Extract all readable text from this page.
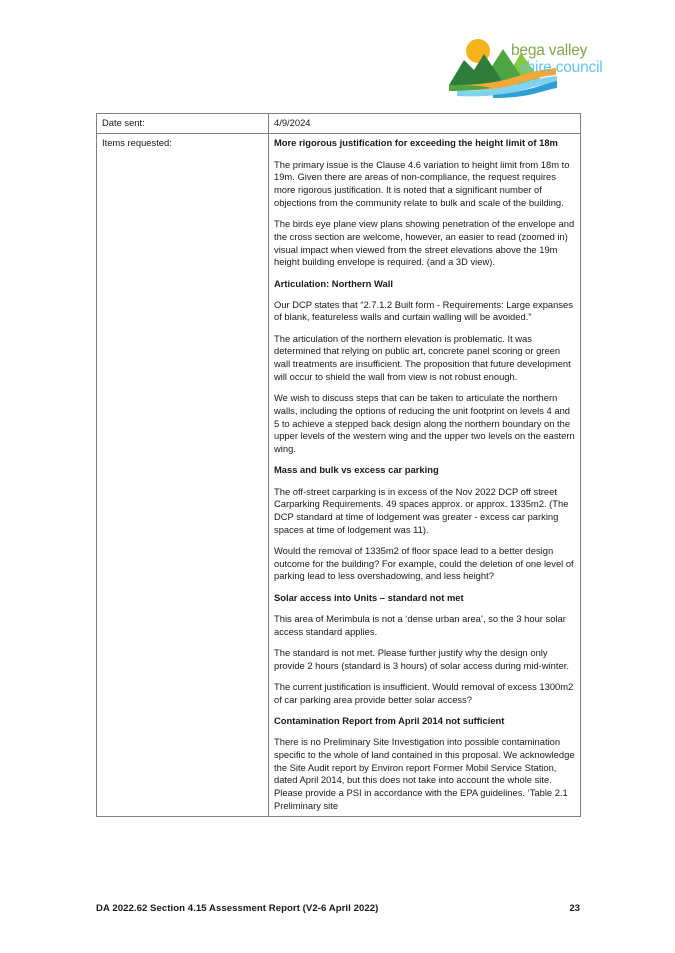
bega valley
shire council
Date sent:	4/9/2024
Items requested:	More rigorous justification for exceeding the height limit of 18m
The primary issue is the Clause 4.6 variation to height limit from 18m to 19m. Given there are areas of non-compliance, the request requires more rigorous justification. It is noted that a significant number of objections from the community relate to bulk and scale of the building.
The birds eye plane view plans showing penetration of the envelope and the cross section are welcome, however, an easier to read (zoomed in) visual impact when viewed from the street elevations above the 19m height building envelope is required. (and a 3D view).
Articulation: Northern Wall
Our DCP states that “2.7.1.2 Built form - Requirements: Large expanses of blank, featureless walls and curtain walling will be avoided.”
The articulation of the northern elevation is problematic. It was determined that relying on public art, concrete panel scoring or green wall treatments are insufficient. The proposition that future development will occur to shield the wall from view is not robust enough.
We wish to discuss steps that can be taken to articulate the northern walls, including the options of reducing the unit footprint on levels 4 and 5 to achieve a stepped back design along the northern boundary on the upper levels of the western wing and the upper two levels on the eastern wing.
Mass and bulk vs excess car parking
The off-street carparking is in excess of the Nov 2022 DCP off street Carparking Requirements. 49 spaces approx. or approx. 1335m2. (The DCP standard at time of lodgement was greater - excess car parking spaces at time of lodgement was 11).
Would the removal of 1335m2 of floor space lead to a better design outcome for the building? For example, could the deletion of one level of parking lead to less overshadowing, and less height?
Solar access into Units – standard not met
This area of Merimbula is not a ‘dense urban area’, so the 3 hour solar access standard applies.
The standard is not met. Please further justify why the design only provide 2 hours (standard is 3 hours) of solar access during mid-winter.
The current justification is insufficient. Would removal of excess 1300m2 of car parking area provide better solar access?
Contamination Report from April 2014 not sufficient
There is no Preliminary Site Investigation into possible contamination specific to the whole of land contained in this proposal. We acknowledge the Site Audit report by Environ report Former Mobil Service Station, dated April 2014, but this does not take into account the whole site. Please provide a PSI in accordance with the EPA guidelines. ‘Table 2.1 Preliminary site
DA 2022.62 Section 4.15 Assessment Report (V2-6 April 2022)	23
